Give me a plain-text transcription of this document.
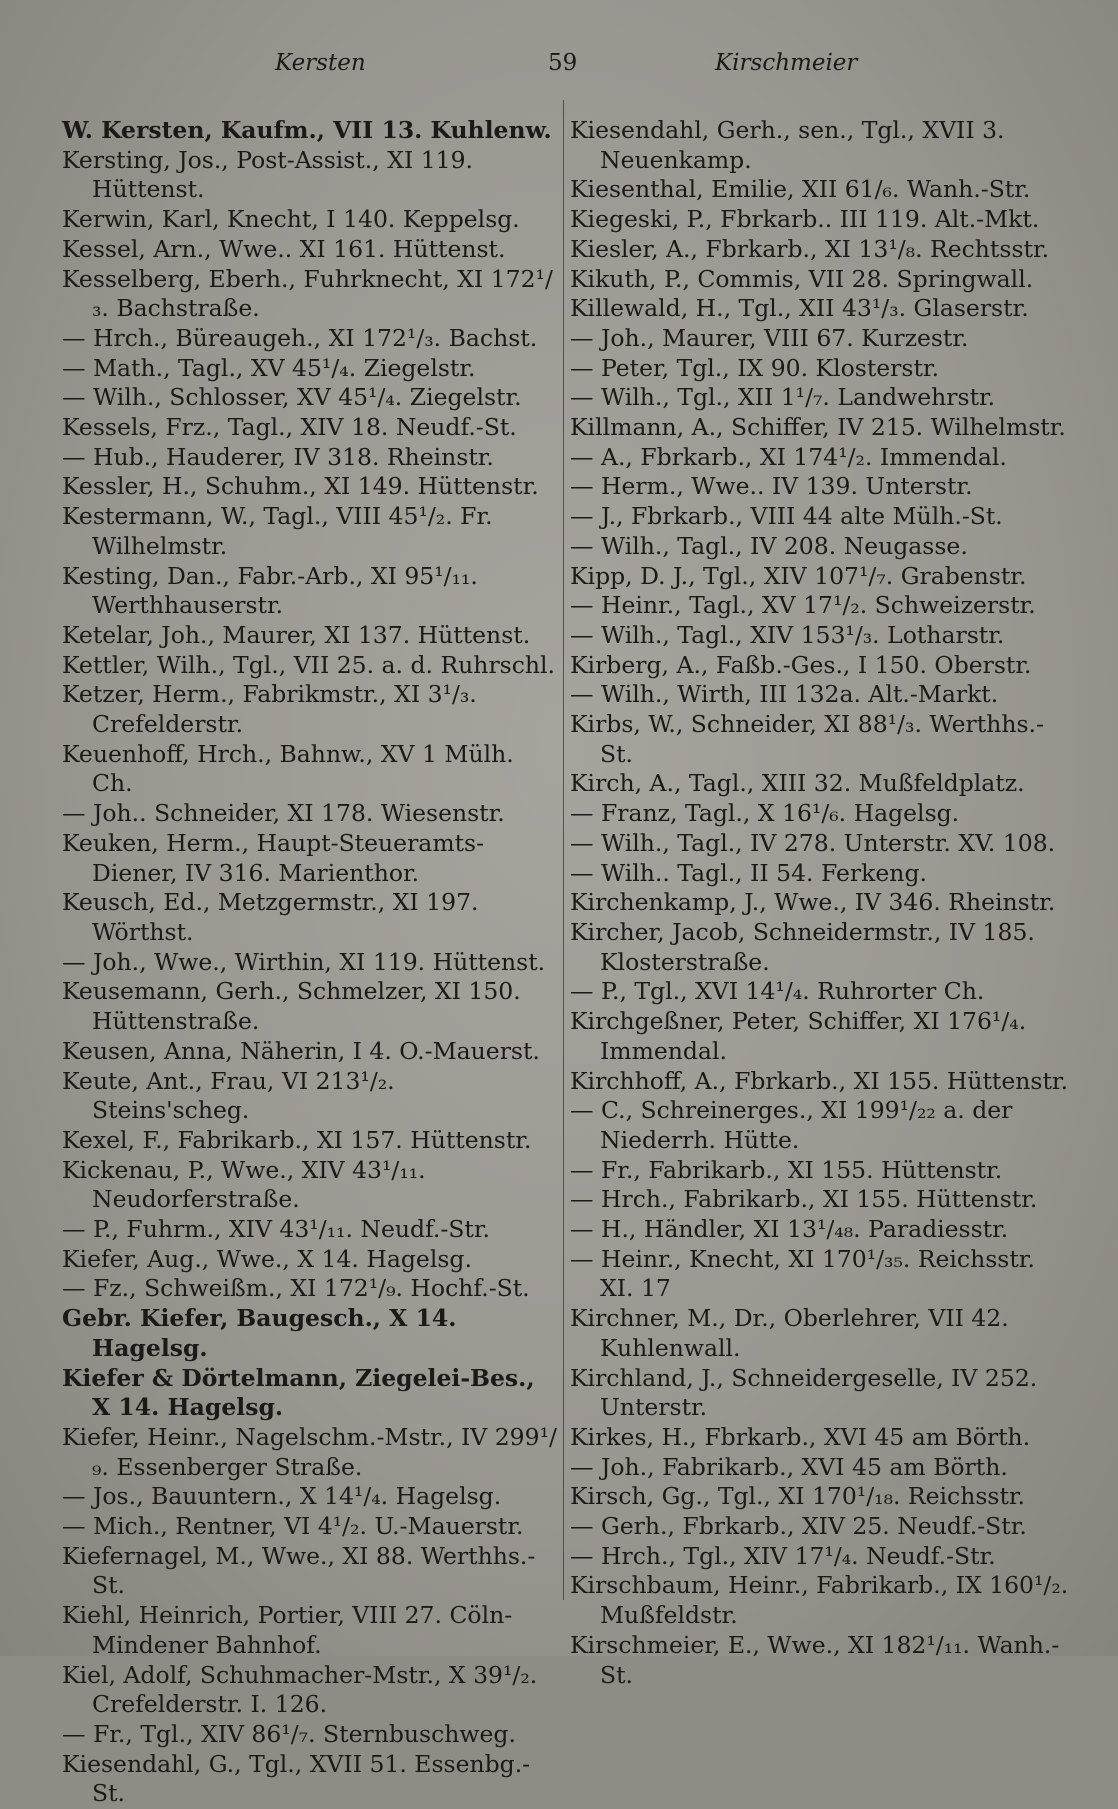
Kersten	59	Kirschmeier

W. Kersten, Kaufm., VII 13. Kuhlenw.

Kersting, Jos., Post-Assist., XI 119. Hüttenst.

Kerwin, Karl, Knecht, I 140. Keppelsg.

Kessel, Arn., Wwe.. XI 161. Hüttenst.

Kesselberg, Eberh., Fuhrknecht, XI 172¹/₃. Bachstraße.

— Hrch., Büreaugeh., XI 172¹/₃. Bachst.

— Math., Tagl., XV 45¹/₄. Ziegelstr.

— Wilh., Schlosser, XV 45¹/₄. Ziegelstr.

Kessels, Frz., Tagl., XIV 18. Neudf.-St.

— Hub., Hauderer, IV 318. Rheinstr.

Kessler, H., Schuhm., XI 149. Hüttenstr.

Kestermann, W., Tagl., VIII 45¹/₂. Fr. Wilhelmstr.

Kesting, Dan., Fabr.-Arb., XI 95¹/₁₁. Werthhauserstr.

Ketelar, Joh., Maurer, XI 137. Hüttenst.

Kettler, Wilh., Tgl., VII 25. a. d. Ruhrschl.

Ketzer, Herm., Fabrikmstr., XI 3¹/₃. Crefelderstr.

Keuenhoff, Hrch., Bahnw., XV 1 Mülh. Ch.

— Joh.. Schneider, XI 178. Wiesenstr.

Keuken, Herm., Haupt-Steueramts-Diener, IV 316. Marienthor.

Keusch, Ed., Metzgermstr., XI 197. Wörthst.

— Joh., Wwe., Wirthin, XI 119. Hüttenst.

Keusemann, Gerh., Schmelzer, XI 150. Hüttenstraße.

Keusen, Anna, Näherin, I 4. O.-Mauerst.

Keute, Ant., Frau, VI 213¹/₂. Steins'scheg.

Kexel, F., Fabrikarb., XI 157. Hüttenstr.

Kickenau, P., Wwe., XIV 43¹/₁₁. Neudorferstraße.

— P., Fuhrm., XIV 43¹/₁₁. Neudf.-Str.

Kiefer, Aug., Wwe., X 14. Hagelsg.

— Fz., Schweißm., XI 172¹/₉. Hochf.-St.

Gebr. Kiefer, Baugesch., X 14. Hagelsg.

Kiefer & Dörtelmann, Ziegelei-Bes., X 14. Hagelsg.

Kiefer, Heinr., Nagelschm.-Mstr., IV 299¹/₉. Essenberger Straße.

— Jos., Bauuntern., X 14¹/₄. Hagelsg.

— Mich., Rentner, VI 4¹/₂. U.-Mauerstr.

Kiefernagel, M., Wwe., XI 88. Werthhs.-St.

Kiehl, Heinrich, Portier, VIII 27. Cöln-Mindener Bahnhof.

Kiel, Adolf, Schuhmacher-Mstr., X 39¹/₂. Crefelderstr. I. 126.

— Fr., Tgl., XIV 86¹/₇. Sternbuschweg.

Kiesendahl, G., Tgl., XVII 51. Essenbg.-St.

Kiesendahl, Gerh., sen., Tgl., XVII 3. Neuenkamp.

Kiesenthal, Emilie, XII 61/₆. Wanh.-Str.

Kiegeski, P., Fbrkarb.. III 119. Alt.-Mkt.

Kiesler, A., Fbrkarb., XI 13¹/₈. Rechtsstr.

Kikuth, P., Commis, VII 28. Springwall.

Killewald, H., Tgl., XII 43¹/₃. Glaserstr.

— Joh., Maurer, VIII 67. Kurzestr.

— Peter, Tgl., IX 90. Klosterstr.

— Wilh., Tgl., XII 1¹/₇. Landwehrstr.

Killmann, A., Schiffer, IV 215. Wilhelmstr.

— A., Fbrkarb., XI 174¹/₂. Immendal.

— Herm., Wwe.. IV 139. Unterstr.

— J., Fbrkarb., VIII 44 alte Mülh.-St.

— Wilh., Tagl., IV 208. Neugasse.

Kipp, D. J., Tgl., XIV 107¹/₇. Grabenstr.

— Heinr., Tagl., XV 17¹/₂. Schweizerstr.

— Wilh., Tagl., XIV 153¹/₃. Lotharstr.

Kirberg, A., Faßb.-Ges., I 150. Oberstr.

— Wilh., Wirth, III 132a. Alt.-Markt.

Kirbs, W., Schneider, XI 88¹/₃. Werthhs.-St.

Kirch, A., Tagl., XIII 32. Mußfeldplatz.

— Franz, Tagl., X 16¹/₆. Hagelsg.

— Wilh., Tagl., IV 278. Unterstr. XV. 108.

— Wilh.. Tagl., II 54. Ferkeng.

Kirchenkamp, J., Wwe., IV 346. Rheinstr.

Kircher, Jacob, Schneidermstr., IV 185. Klosterstraße.

— P., Tgl., XVI 14¹/₄. Ruhrorter Ch.

Kirchgeßner, Peter, Schiffer, XI 176¹/₄. Immendal.

Kirchhoff, A., Fbrkarb., XI 155. Hüttenstr.

— C., Schreinerges., XI 199¹/₂₂ a. der Niederrh. Hütte.

— Fr., Fabrikarb., XI 155. Hüttenstr.

— Hrch., Fabrikarb., XI 155. Hüttenstr.

— H., Händler, XI 13¹/₄₈. Paradiesstr.

— Heinr., Knecht, XI 170¹/₃₅. Reichsstr. XI. 17

Kirchner, M., Dr., Oberlehrer, VII 42. Kuhlenwall.

Kirchland, J., Schneidergeselle, IV 252. Unterstr.

Kirkes, H., Fbrkarb., XVI 45 am Börth.

— Joh., Fabrikarb., XVI 45 am Börth.

Kirsch, Gg., Tgl., XI 170¹/₁₈. Reichsstr.

— Gerh., Fbrkarb., XIV 25. Neudf.-Str.

— Hrch., Tgl., XIV 17¹/₄. Neudf.-Str.

Kirschbaum, Heinr., Fabrikarb., IX 160¹/₂. Mußfeldstr.

Kirschmeier, E., Wwe., XI 182¹/₁₁. Wanh.-St.
